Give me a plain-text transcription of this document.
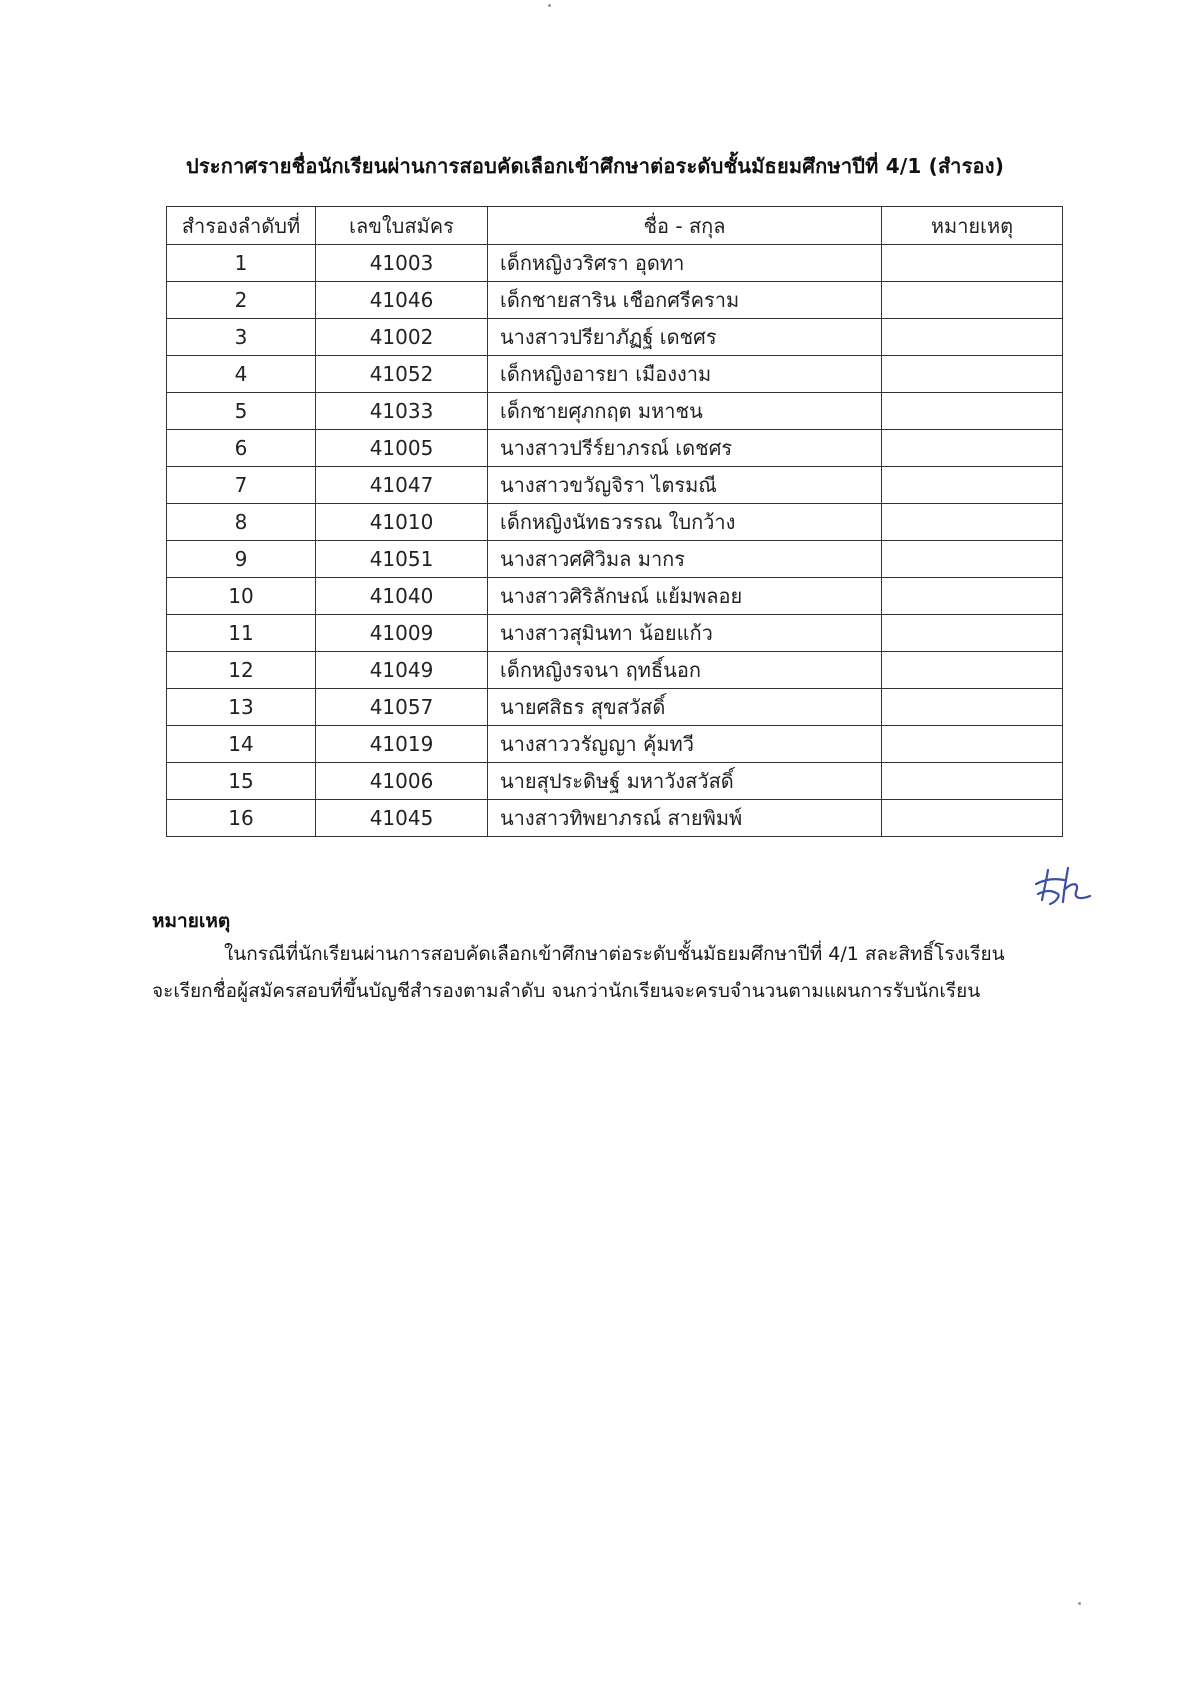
ประกาศรายชื่อนักเรียนผ่านการสอบคัดเลือกเข้าศึกษาต่อระดับชั้นมัธยมศึกษาปีที่ 4/1 (สำรอง)
สำรองลำดับที่	เลขใบสมัคร	ชื่อ - สกุล	หมายเหตุ
1	41003	เด็กหญิงวริศรา อุดทา	
2	41046	เด็กชายสาริน เชือกศรีคราม	
3	41002	นางสาวปรียาภัฏฐ์ เดชศร	
4	41052	เด็กหญิงอารยา เมืองงาม	
5	41033	เด็กชายศุภกฤต มหาชน	
6	41005	นางสาวปรีร์ยาภรณ์ เดชศร	
7	41047	นางสาวขวัญจิรา ไตรมณี	
8	41010	เด็กหญิงนัทธวรรณ ใบกว้าง	
9	41051	นางสาวศศิวิมล มากร	
10	41040	นางสาวศิริลักษณ์ แย้มพลอย	
11	41009	นางสาวสุมินทา น้อยแก้ว	
12	41049	เด็กหญิงรจนา ฤทธิ์นอก	
13	41057	นายศสิธร สุขสวัสดิ์	
14	41019	นางสาววรัญญา คุ้มทวี	
15	41006	นายสุประดิษฐ์ มหาวังสวัสดิ์	
16	41045	นางสาวทิพยาภรณ์ สายพิมพ์	
หมายเหตุ
ในกรณีที่นักเรียนผ่านการสอบคัดเลือกเข้าศึกษาต่อระดับชั้นมัธยมศึกษาปีที่ 4/1 สละสิทธิ์โรงเรียน
จะเรียกชื่อผู้สมัครสอบที่ขึ้นบัญชีสำรองตามลำดับ จนกว่านักเรียนจะครบจำนวนตามแผนการรับนักเรียน
